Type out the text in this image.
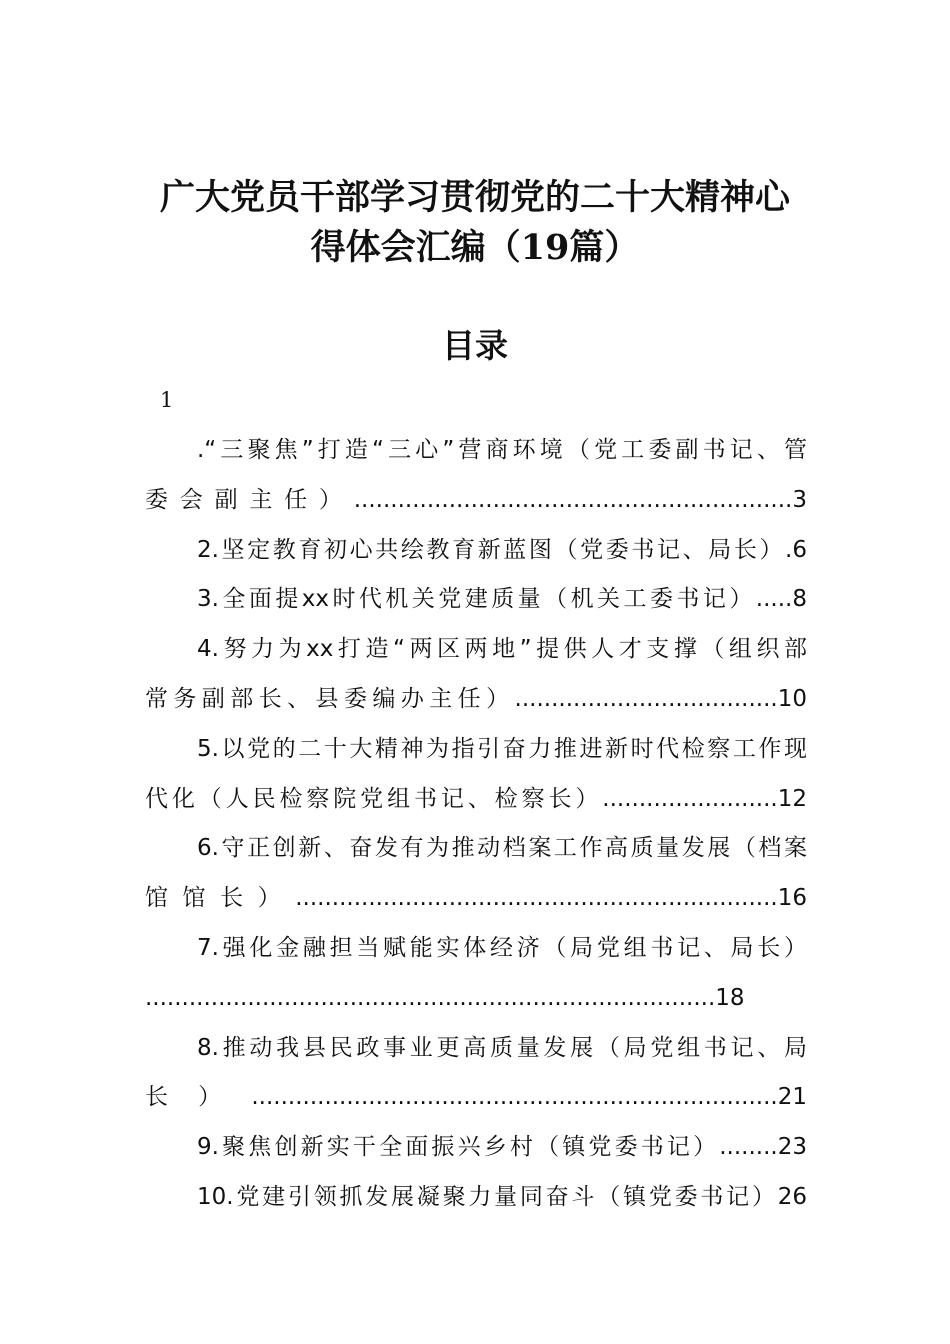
广大党员干部学习贯彻党的二十大精神心
得体会汇编（19篇）
目录
1
.“三聚焦”打造“三心”营商环境（党工委副书记、管
委会副主任）............................................................3
2.坚定教育初心共绘教育新蓝图（党委书记、局长）.6
3.全面提xx时代机关党建质量（机关工委书记）.....8
4.努力为xx打造“两区两地”提供人才支撑（组织部
常务副部长、县委编办主任）....................................10
5.以党的二十大精神为指引奋力推进新时代检察工作现
代化（人民检察院党组书记、检察长）........................12
6.守正创新、奋发有为推动档案工作高质量发展（档案
馆馆长）..................................................................16
7.强化金融担当赋能实体经济（局党组书记、局长）
..............................................................................18
8.推动我县民政事业更高质量发展（局党组书记、局
长）........................................................................21
9.聚焦创新实干全面振兴乡村（镇党委书记）........23
10.党建引领抓发展凝聚力量同奋斗（镇党委书记）26
